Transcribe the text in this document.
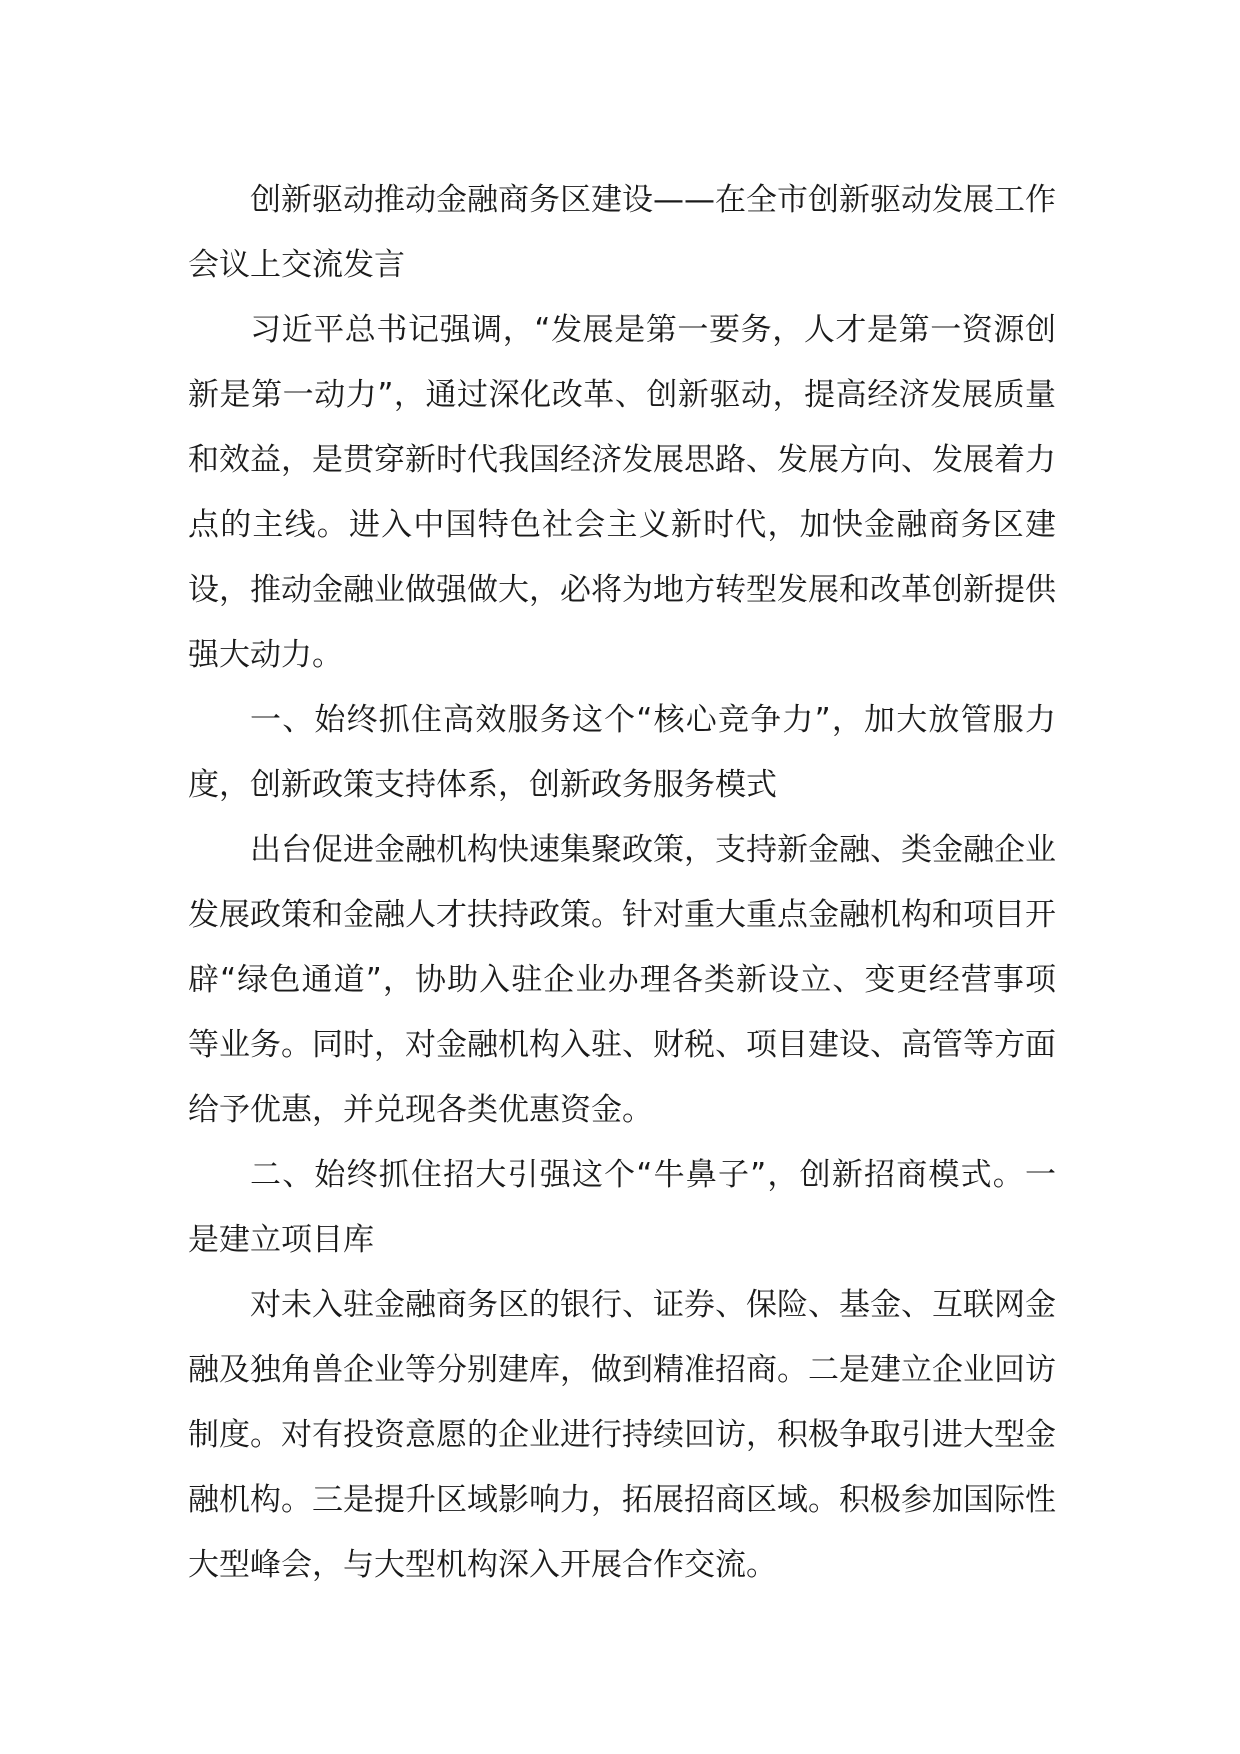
创新驱动推动金融商务区建设——在全市创新驱动发展工作会议上交流发言

习近平总书记强调，“发展是第一要务，人才是第一资源创新是第一动力”，通过深化改革、创新驱动，提高经济发展质量和效益，是贯穿新时代我国经济发展思路、发展方向、发展着力点的主线。进入中国特色社会主义新时代，加快金融商务区建设，推动金融业做强做大，必将为地方转型发展和改革创新提供强大动力。

一、始终抓住高效服务这个“核心竞争力”，加大放管服力度，创新政策支持体系，创新政务服务模式

出台促进金融机构快速集聚政策，支持新金融、类金融企业发展政策和金融人才扶持政策。针对重大重点金融机构和项目开辟“绿色通道”，协助入驻企业办理各类新设立、变更经营事项等业务。同时，对金融机构入驻、财税、项目建设、高管等方面给予优惠，并兑现各类优惠资金。

二、始终抓住招大引强这个“牛鼻子”，创新招商模式。一是建立项目库

对未入驻金融商务区的银行、证券、保险、基金、互联网金融及独角兽企业等分别建库，做到精准招商。二是建立企业回访制度。对有投资意愿的企业进行持续回访，积极争取引进大型金融机构。三是提升区域影响力，拓展招商区域。积极参加国际性大型峰会，与大型机构深入开展合作交流。
